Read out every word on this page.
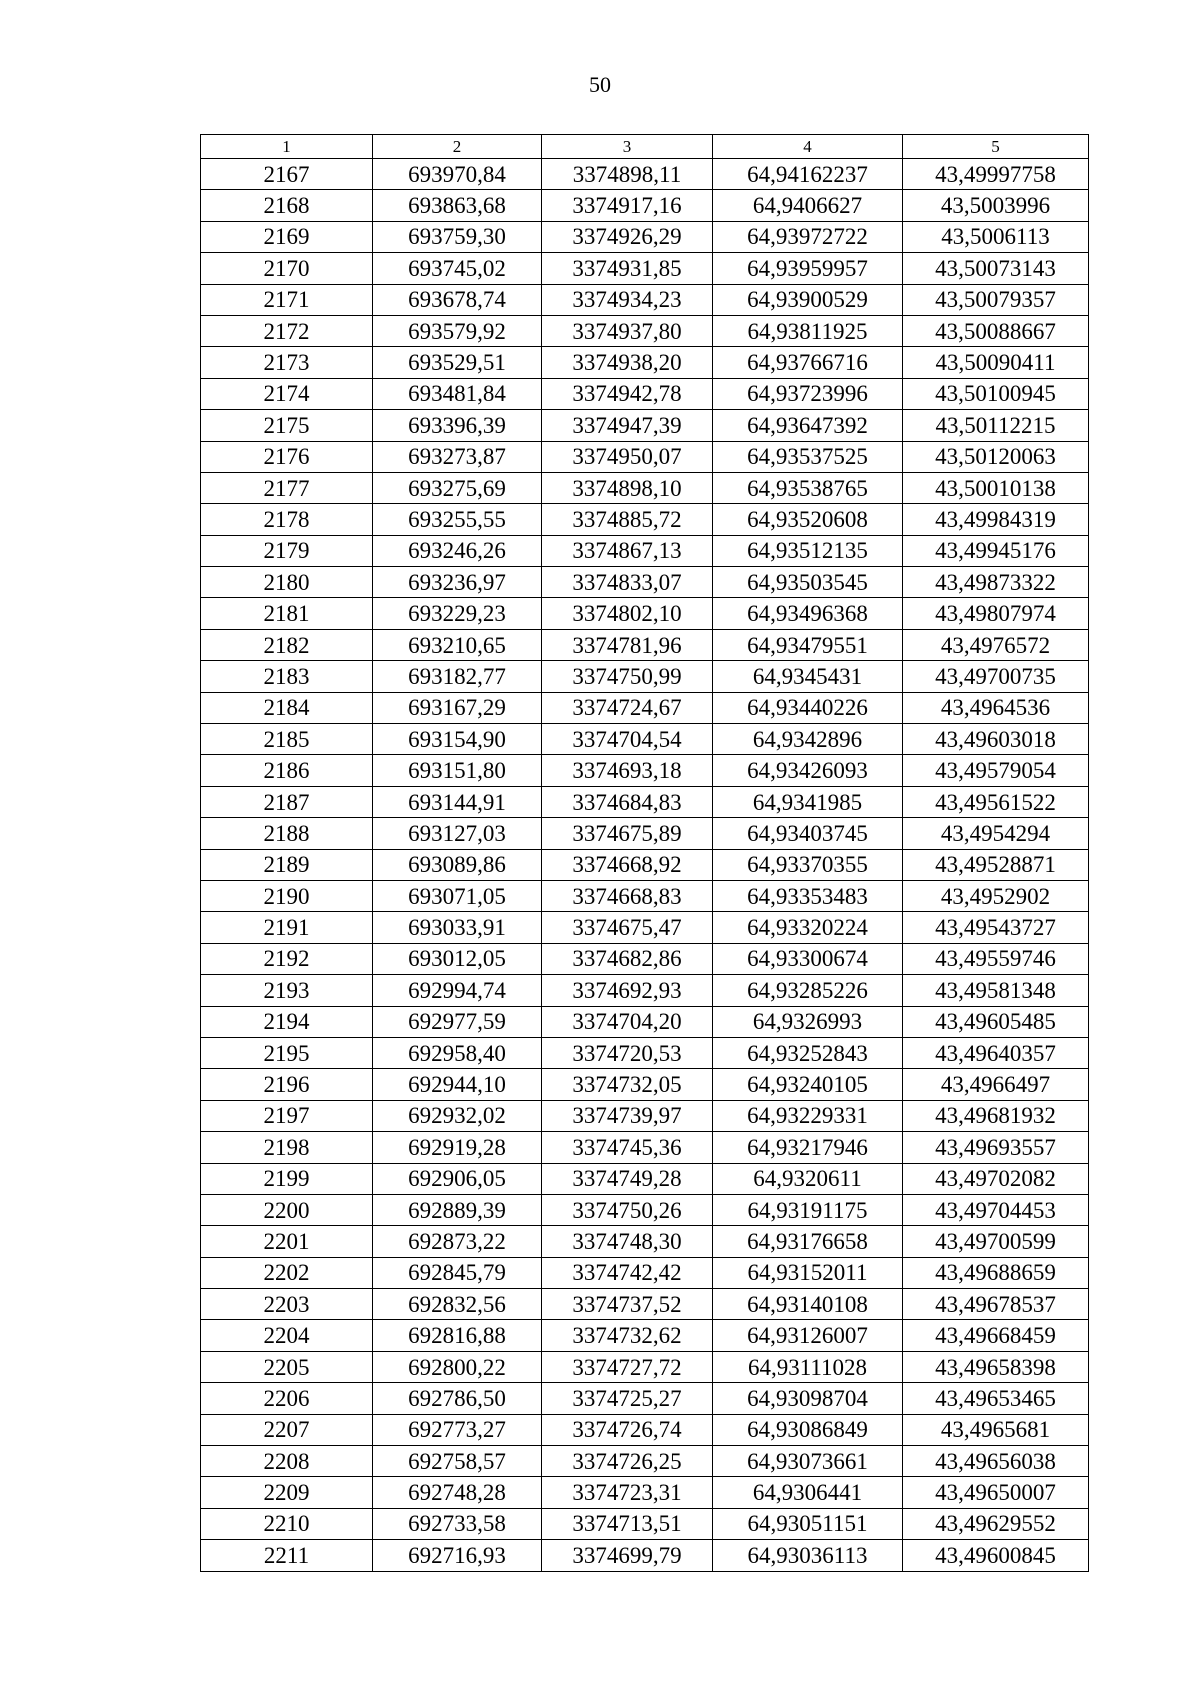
50
1	2	3	4	5
2167	693970,84	3374898,11	64,94162237	43,49997758
2168	693863,68	3374917,16	64,9406627	43,5003996
2169	693759,30	3374926,29	64,93972722	43,5006113
2170	693745,02	3374931,85	64,93959957	43,50073143
2171	693678,74	3374934,23	64,93900529	43,50079357
2172	693579,92	3374937,80	64,93811925	43,50088667
2173	693529,51	3374938,20	64,93766716	43,50090411
2174	693481,84	3374942,78	64,93723996	43,50100945
2175	693396,39	3374947,39	64,93647392	43,50112215
2176	693273,87	3374950,07	64,93537525	43,50120063
2177	693275,69	3374898,10	64,93538765	43,50010138
2178	693255,55	3374885,72	64,93520608	43,49984319
2179	693246,26	3374867,13	64,93512135	43,49945176
2180	693236,97	3374833,07	64,93503545	43,49873322
2181	693229,23	3374802,10	64,93496368	43,49807974
2182	693210,65	3374781,96	64,93479551	43,4976572
2183	693182,77	3374750,99	64,9345431	43,49700735
2184	693167,29	3374724,67	64,93440226	43,4964536
2185	693154,90	3374704,54	64,9342896	43,49603018
2186	693151,80	3374693,18	64,93426093	43,49579054
2187	693144,91	3374684,83	64,9341985	43,49561522
2188	693127,03	3374675,89	64,93403745	43,4954294
2189	693089,86	3374668,92	64,93370355	43,49528871
2190	693071,05	3374668,83	64,93353483	43,4952902
2191	693033,91	3374675,47	64,93320224	43,49543727
2192	693012,05	3374682,86	64,93300674	43,49559746
2193	692994,74	3374692,93	64,93285226	43,49581348
2194	692977,59	3374704,20	64,9326993	43,49605485
2195	692958,40	3374720,53	64,93252843	43,49640357
2196	692944,10	3374732,05	64,93240105	43,4966497
2197	692932,02	3374739,97	64,93229331	43,49681932
2198	692919,28	3374745,36	64,93217946	43,49693557
2199	692906,05	3374749,28	64,9320611	43,49702082
2200	692889,39	3374750,26	64,93191175	43,49704453
2201	692873,22	3374748,30	64,93176658	43,49700599
2202	692845,79	3374742,42	64,93152011	43,49688659
2203	692832,56	3374737,52	64,93140108	43,49678537
2204	692816,88	3374732,62	64,93126007	43,49668459
2205	692800,22	3374727,72	64,93111028	43,49658398
2206	692786,50	3374725,27	64,93098704	43,49653465
2207	692773,27	3374726,74	64,93086849	43,4965681
2208	692758,57	3374726,25	64,93073661	43,49656038
2209	692748,28	3374723,31	64,9306441	43,49650007
2210	692733,58	3374713,51	64,93051151	43,49629552
2211	692716,93	3374699,79	64,93036113	43,49600845
